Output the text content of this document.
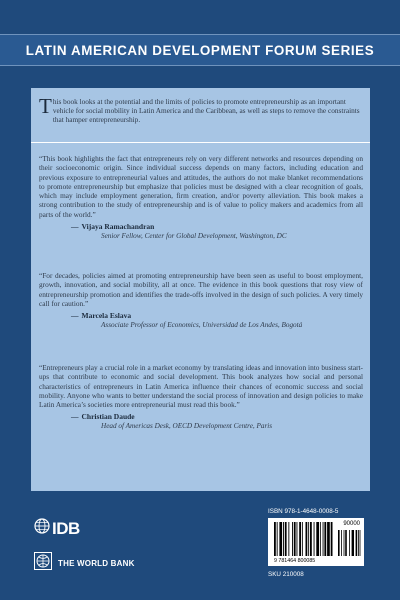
LATIN AMERICAN DEVELOPMENT FORUM SERIES
This book looks at the potential and the limits of policies to promote entrepreneurship as an important vehicle for social mobility in Latin America and the Caribbean, as well as steps to remove the constraints that hamper entrepreneurship.
“This book highlights the fact that entrepreneurs rely on very different networks and resources depending on their socioeconomic origin. Since individual success depends on many factors, including education and previous exposure to entrepreneurial values and attitudes, the authors do not make blanket recommendations to promote entrepreneurship but emphasize that policies must be designed with a clear recognition of goals, which may include employment generation, firm creation, and/or poverty alleviation. This book makes a strong contribution to the study of entrepreneurship and is of value to policy makers and academics from all parts of the world.”
— Vijaya Ramachandran
Senior Fellow, Center for Global Development, Washington, DC
“For decades, policies aimed at promoting entrepreneurship have been seen as useful to boost employment, growth, innovation, and social mobility, all at once. The evidence in this book questions that rosy view of entrepreneurship promotion and identifies the trade-offs involved in the design of such policies. A very timely call for caution.”
— Marcela Eslava
Associate Professor of Economics, Universidad de Los Andes, Bogotá
“Entrepreneurs play a crucial role in a market economy by translating ideas and innovation into business start-ups that contribute to economic and social development. This book analyzes how social and personal characteristics of entrepreneurs in Latin America influence their chances of economic success and social mobility. Anyone who wants to better understand the social process of innovation and design policies to make Latin America’s societies more entrepreneurial must read this book.”
— Christian Daude
Head of Americas Desk, OECD Development Centre, Paris
IDB
THE WORLD BANK
ISBN 978-1-4648-0008-5
90000
9 781464 800085
SKU 210008
